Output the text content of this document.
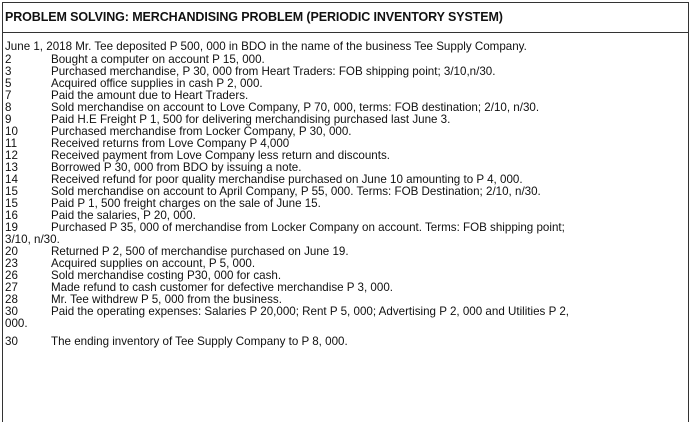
PROBLEM SOLVING: MERCHANDISING PROBLEM (PERIODIC INVENTORY SYSTEM)
June 1, 2018 Mr. Tee deposited P 500, 000 in BDO in the name of the business Tee Supply Company.
2	Bought a computer on account P 15, 000.
3	Purchased merchandise, P 30, 000 from Heart Traders: FOB shipping point; 3/10,n/30.
5	Acquired office supplies in cash P 2, 000.
7	Paid the amount due to Heart Traders.
8	Sold merchandise on account to Love Company, P 70, 000, terms: FOB destination; 2/10, n/30.
9	Paid H.E Freight P 1, 500 for delivering merchandising purchased last June 3.
10	Purchased merchandise from Locker Company, P 30, 000.
11	Received returns from Love Company P 4,000
12	Received payment from Love Company less return and discounts.
13	Borrowed P 30, 000 from BDO by issuing a note.
14	Received refund for poor quality merchandise purchased on June 10 amounting to P 4, 000.
15	Sold merchandise on account to April Company, P 55, 000. Terms: FOB Destination; 2/10, n/30.
15	Paid P 1, 500 freight charges on the sale of June 15.
16	Paid the salaries, P 20, 000.
19	Purchased P 35, 000 of merchandise from Locker Company on account. Terms: FOB shipping point;
3/10, n/30.
20	Returned P 2, 500 of merchandise purchased on June 19.
23	Acquired supplies on account, P 5, 000.
26	Sold merchandise costing P30, 000 for cash.
27	Made refund to cash customer for defective merchandise P 3, 000.
28	Mr. Tee withdrew P 5, 000 from the business.
30	Paid the operating expenses: Salaries P 20,000; Rent P 5, 000; Advertising P 2, 000 and Utilities P 2,
000.
30	The ending inventory of Tee Supply Company to P 8, 000.
